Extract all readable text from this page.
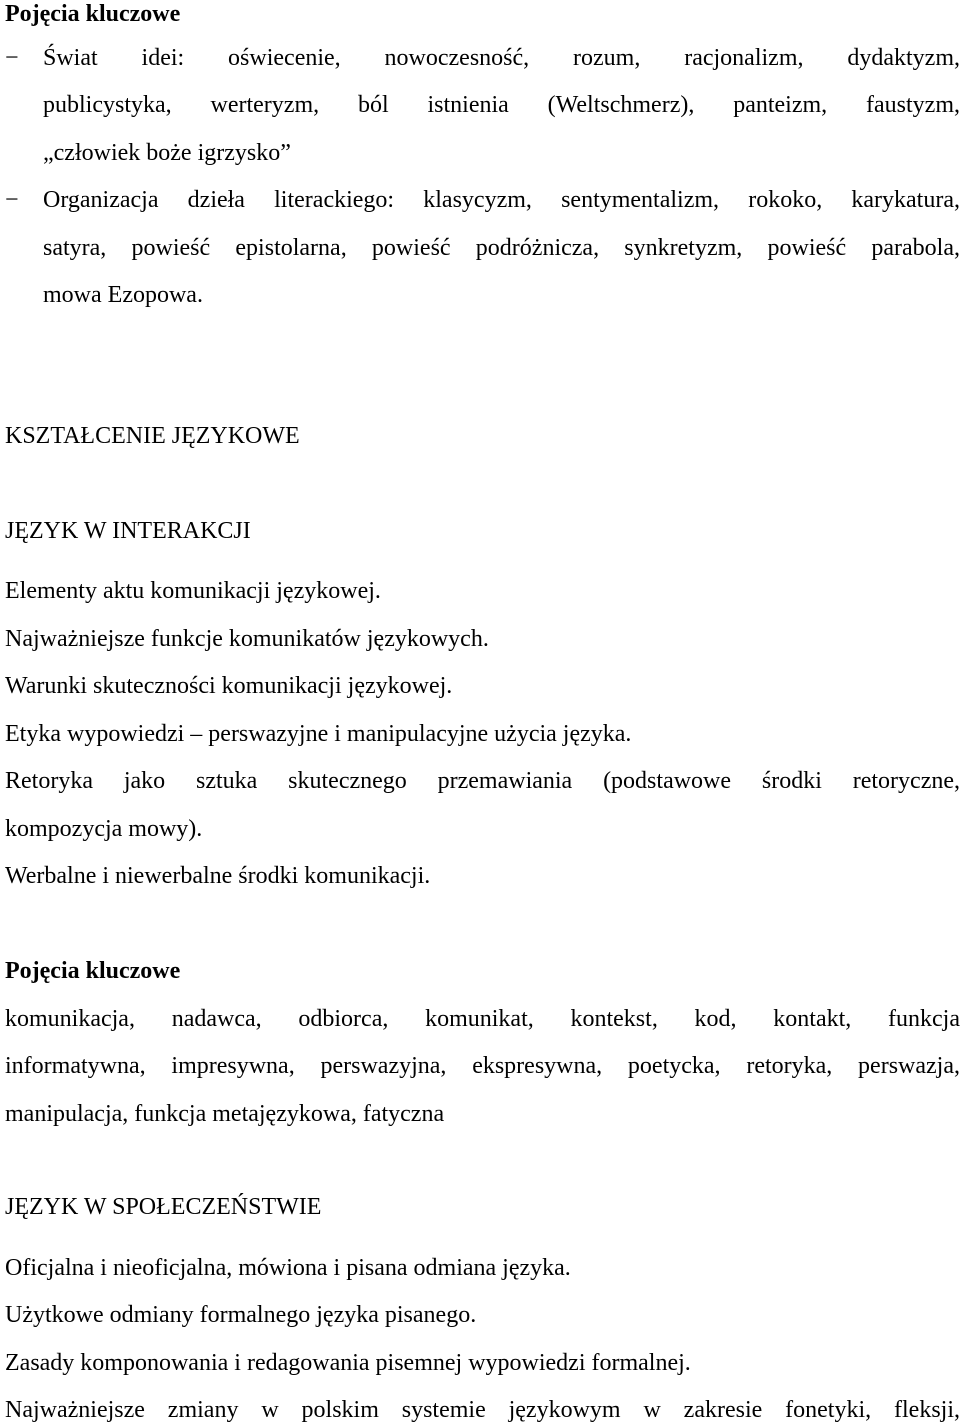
Pojęcia kluczowe
− Świat idei: oświecenie, nowoczesność, rozum, racjonalizm, dydaktyzm,
publicystyka, werteryzm, ból istnienia (Weltschmerz), panteizm, faustyzm,
„człowiek boże igrzysko”
− Organizacja dzieła literackiego: klasycyzm, sentymentalizm, rokoko, karykatura,
satyra, powieść epistolarna, powieść podróżnicza, synkretyzm, powieść parabola,
mowa Ezopowa.
KSZTAŁCENIE JĘZYKOWE
JĘZYK W INTERAKCJI
Elementy aktu komunikacji językowej.
Najważniejsze funkcje komunikatów językowych.
Warunki skuteczności komunikacji językowej.
Etyka wypowiedzi – perswazyjne i manipulacyjne użycia języka.
Retoryka jako sztuka skutecznego przemawiania (podstawowe środki retoryczne,
kompozycja mowy).
Werbalne i niewerbalne środki komunikacji.
Pojęcia kluczowe
komunikacja, nadawca, odbiorca, komunikat, kontekst, kod, kontakt, funkcja
informatywna, impresywna, perswazyjna, ekspresywna, poetycka, retoryka, perswazja,
manipulacja, funkcja metajęzykowa, fatyczna
JĘZYK W SPOŁECZEŃSTWIE
Oficjalna i nieoficjalna, mówiona i pisana odmiana języka.
Użytkowe odmiany formalnego języka pisanego.
Zasady komponowania i redagowania pisemnej wypowiedzi formalnej.
Najważniejsze zmiany w polskim systemie językowym w zakresie fonetyki, fleksji,
